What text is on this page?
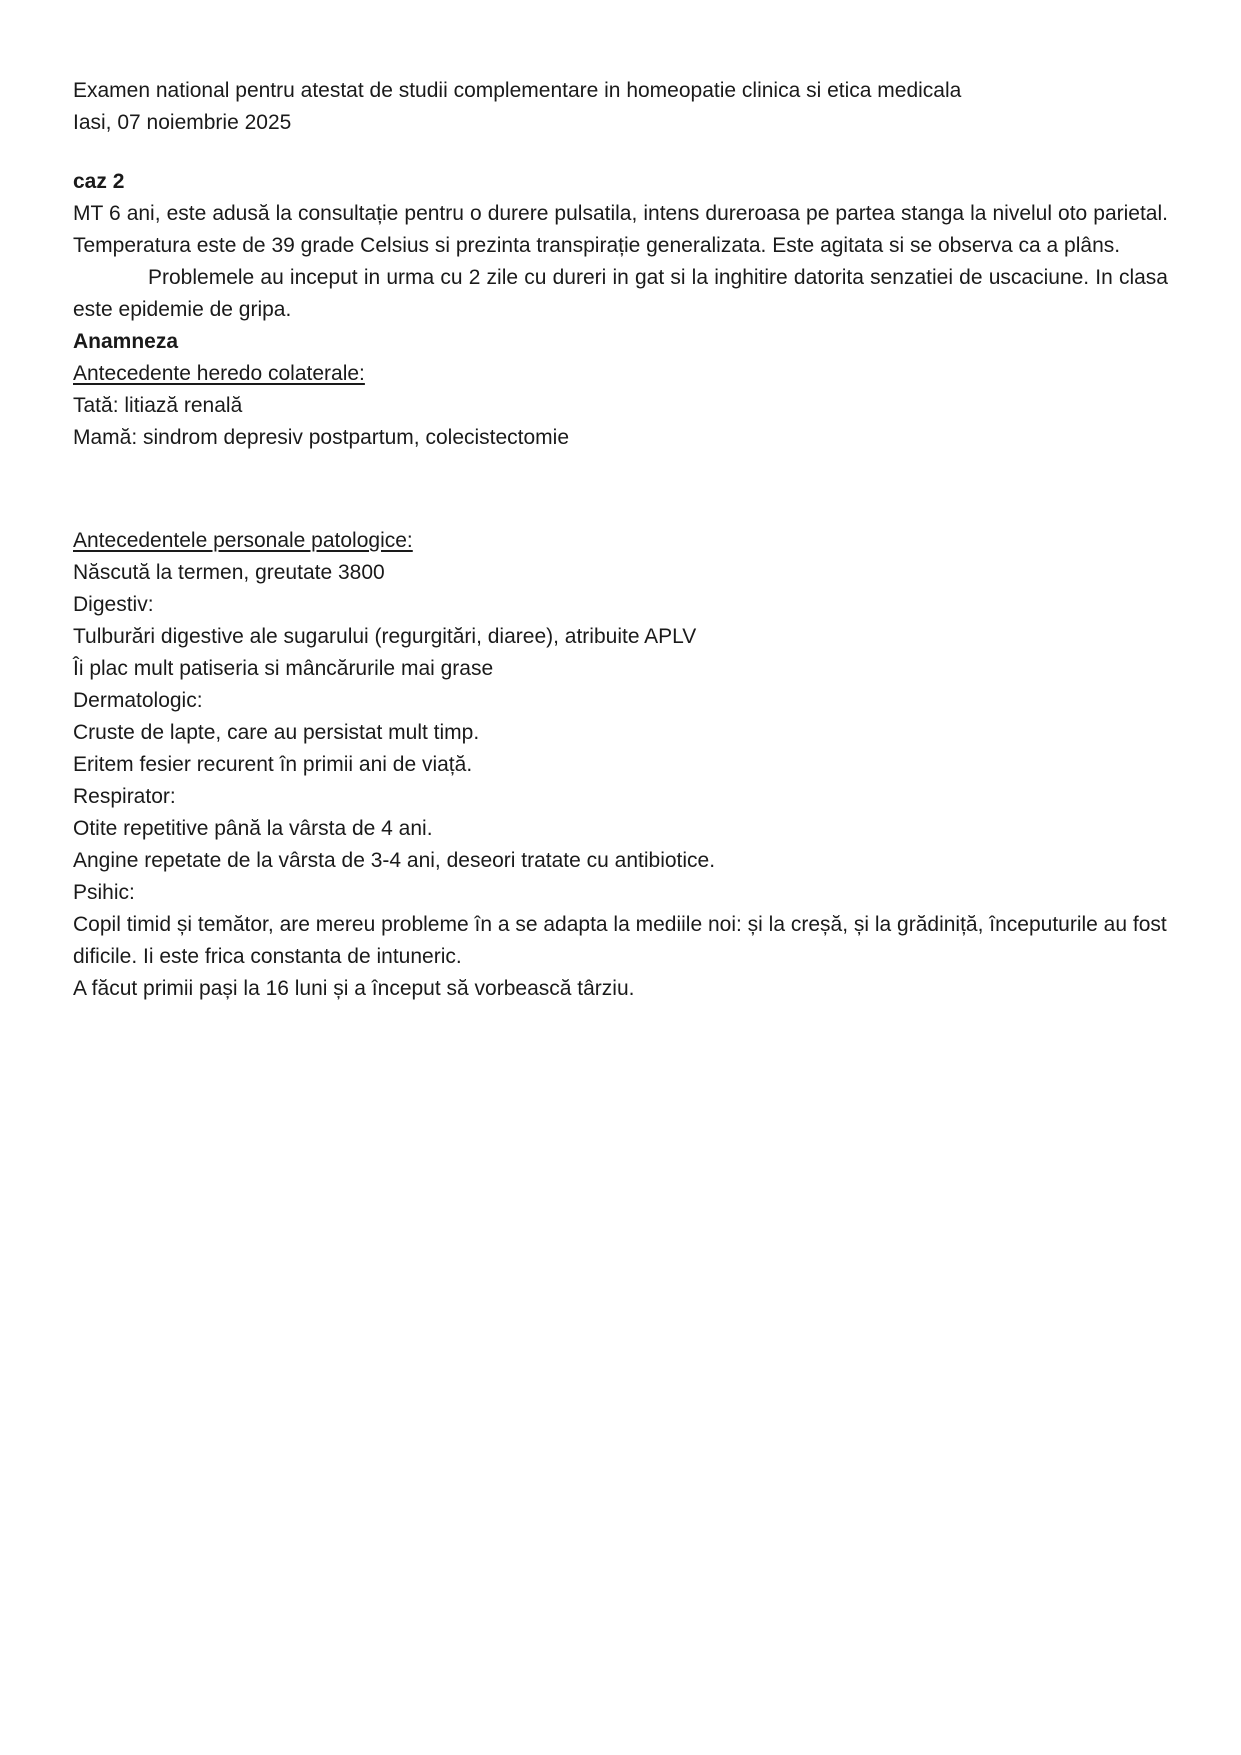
Examen national pentru atestat de studii complementare in homeopatie clinica si etica medicala

Iasi, 07 noiembrie 2025

caz 2

MT 6 ani, este adusă la consultație pentru o durere pulsatila, intens dureroasa pe partea stanga la nivelul oto parietal. Temperatura este de 39 grade Celsius si prezinta transpirație generalizata. Este agitata si se observa ca a plâns.

Problemele au inceput in urma cu 2 zile cu dureri in gat si la inghitire datorita senzatiei de uscaciune. In clasa este epidemie de gripa.

Anamneza

Antecedente heredo colaterale:

Tată: litiază renală

Mamă: sindrom depresiv postpartum, colecistectomie

Antecedentele personale patologice:

Născută la termen, greutate 3800

Digestiv:

Tulburări digestive ale sugarului (regurgitări, diaree), atribuite APLV

Îi plac mult patiseria si mâncărurile mai grase

Dermatologic:

Cruste de lapte, care au persistat mult timp.

Eritem fesier recurent în primii ani de viață.

Respirator:

Otite repetitive până la vârsta de 4 ani.

Angine repetate de la vârsta de 3-4 ani, deseori tratate cu antibiotice.

Psihic:

Copil timid și temător, are mereu probleme în a se adapta la mediile noi: și la creșă, și la grădiniță, începuturile au fost dificile. Ii este frica constanta de intuneric.

A făcut primii pași la 16 luni și a început să vorbească târziu.
